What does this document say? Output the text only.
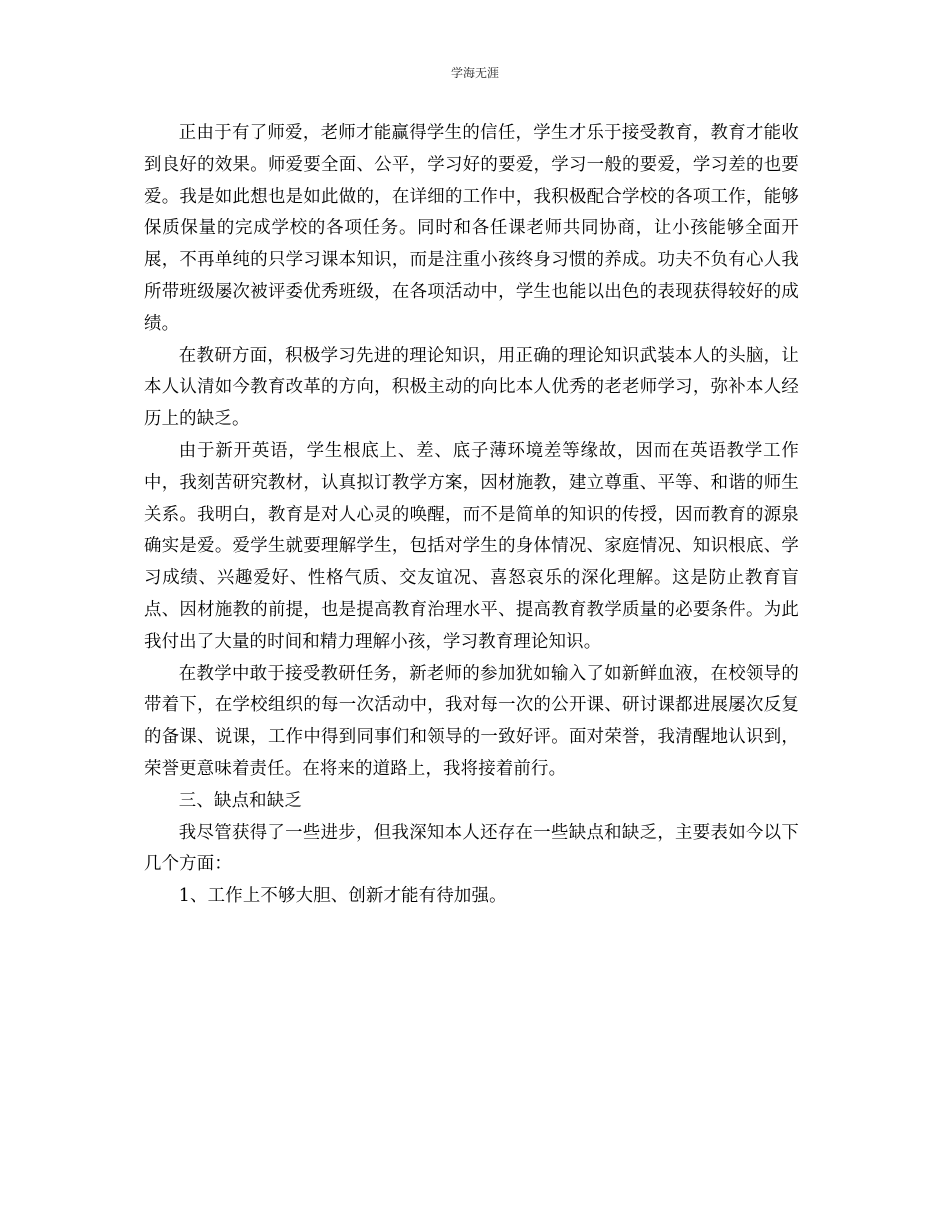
学海无涯

正由于有了师爱，老师才能赢得学生的信任，学生才乐于接受教育，教育才能收到良好的效果。师爱要全面、公平，学习好的要爱，学习一般的要爱，学习差的也要爱。我是如此想也是如此做的，在详细的工作中，我积极配合学校的各项工作，能够保质保量的完成学校的各项任务。同时和各任课老师共同协商，让小孩能够全面开展，不再单纯的只学习课本知识，而是注重小孩终身习惯的养成。功夫不负有心人我所带班级屡次被评委优秀班级，在各项活动中，学生也能以出色的表现获得较好的成绩。

在教研方面，积极学习先进的理论知识，用正确的理论知识武装本人的头脑，让本人认清如今教育改革的方向，积极主动的向比本人优秀的老老师学习，弥补本人经历上的缺乏。

由于新开英语，学生根底上、差、底子薄环境差等缘故，因而在英语教学工作中，我刻苦研究教材，认真拟订教学方案，因材施教，建立尊重、平等、和谐的师生关系。我明白，教育是对人心灵的唤醒，而不是简单的知识的传授，因而教育的源泉确实是爱。爱学生就要理解学生，包括对学生的身体情况、家庭情况、知识根底、学习成绩、兴趣爱好、性格气质、交友谊况、喜怒哀乐的深化理解。这是防止教育盲点、因材施教的前提，也是提高教育治理水平、提高教育教学质量的必要条件。为此我付出了大量的时间和精力理解小孩，学习教育理论知识。

在教学中敢于接受教研任务，新老师的参加犹如输入了如新鲜血液，在校领导的带着下，在学校组织的每一次活动中，我对每一次的公开课、研讨课都进展屡次反复的备课、说课，工作中得到同事们和领导的一致好评。面对荣誉，我清醒地认识到，荣誉更意味着责任。在将来的道路上，我将接着前行。

三、缺点和缺乏

我尽管获得了一些进步，但我深知本人还存在一些缺点和缺乏，主要表如今以下几个方面：

1、工作上不够大胆、创新才能有待加强。
